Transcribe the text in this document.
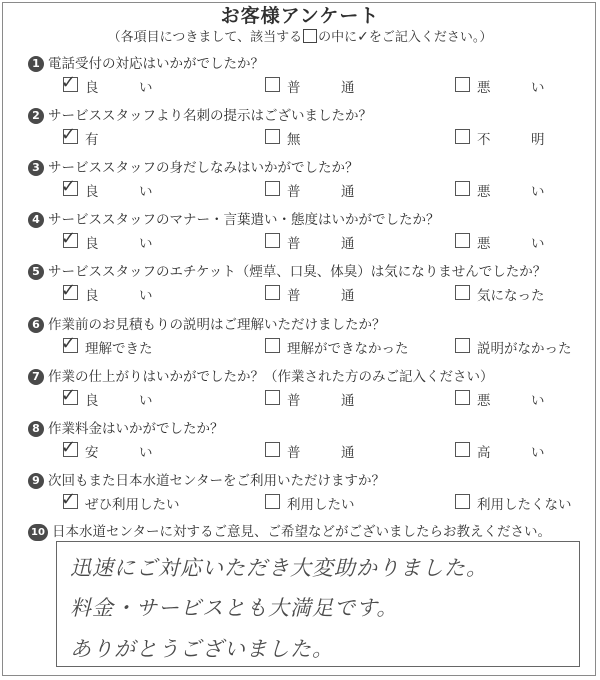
お客様アンケート
（各項目につきまして、該当する の中に✓をご記入ください。）
1 電話受付の対応はいかがでしたか？
✓ 良　　　い	普　　　通	悪　　　い
2 サービススタッフより名刺の提示はございましたか？
✓ 有	無	不　　　明
3 サービススタッフの身だしなみはいかがでしたか？
✓ 良　　　い	普　　　通	悪　　　い
4 サービススタッフのマナー・言葉遣い・態度はいかがでしたか？
✓ 良　　　い	普　　　通	悪　　　い
5 サービススタッフのエチケット（煙草、口臭、体臭）は気になりませんでしたか？
✓ 良　　　い	普　　　通	気になった
6 作業前のお見積もりの説明はご理解いただけましたか？
✓ 理解できた	理解ができなかった	説明がなかった
7 作業の仕上がりはいかがでしたか？（作業された方のみご記入ください）
✓ 良　　　い	普　　　通	悪　　　い
8 作業料金はいかがでしたか？
✓ 安　　　い	普　　　通	高　　　い
9 次回もまた日本水道センターをご利用いただけますか？
✓ ぜひ利用したい	利用したい	利用したくない
10 日本水道センターに対するご意見、ご希望などがございましたらお教えください。
迅速にご対応いただき大変助かりました。
料金・サービスとも大満足です。
ありがとうございました。
